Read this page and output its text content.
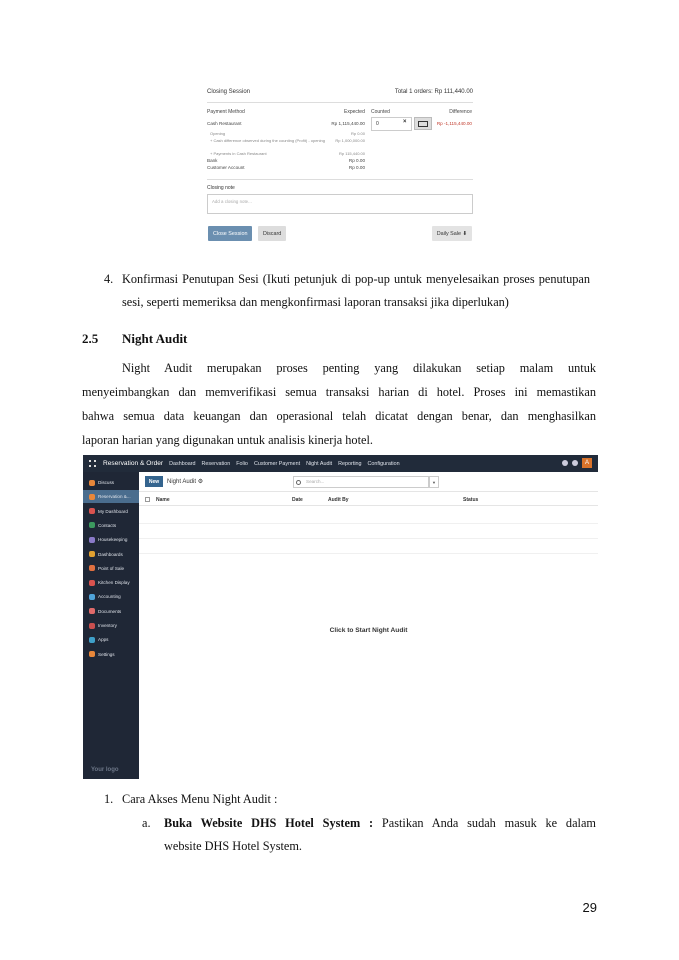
Closing Session	Total 1 orders: Rp 111,440.00
Payment Method	Expected Counted	Difference
Cash Restaurant	Rp 1,115,440.00	0	×	Rp -1,115,440.00
Opening	Rp 0.00
+ Cash difference observed during the counting (Profit) - opening	Rp 1,000,000.00
+ Payments in Cash Restaurant	Rp 115,440.00
Bank	Rp 0.00
Customer Account	Rp 0.00
Closing note
Add a closing note...
Close Session	Discard	Daily Sale ⬇
4. Konfirmasi Penutupan Sesi (Ikuti petunjuk di pop-up untuk menyelesaikan proses penutupan
sesi, seperti memeriksa dan mengkonfirmasi laporan transaksi jika diperlukan)
2.5 Night Audit
Night Audit merupakan proses penting yang dilakukan setiap malam untuk
menyeimbangkan dan memverifikasi semua transaksi harian di hotel. Proses ini memastikan
bahwa semua data keuangan dan operasional telah dicatat dengan benar, dan menghasilkan
laporan harian yang digunakan untuk analisis kinerja hotel.
Reservation & Order Dashboard Reservation Folio Customer Payment Night Audit Reporting Configuration	A
Your logo
Discuss
Reservation &...
My Dashboard
Contacts
Housekeeping
Dashboards
Point of Sale
Kitchen Display
Accounting
Documents
Inventory
Apps
Settings
New	Night Audit ⚙	Search...	▼
Name	Date	Audit By	Status
Click to Start Night Audit
1. Cara Akses Menu Night Audit :
a. Buka Website DHS Hotel System : Pastikan Anda sudah masuk ke dalam
website DHS Hotel System.
29
